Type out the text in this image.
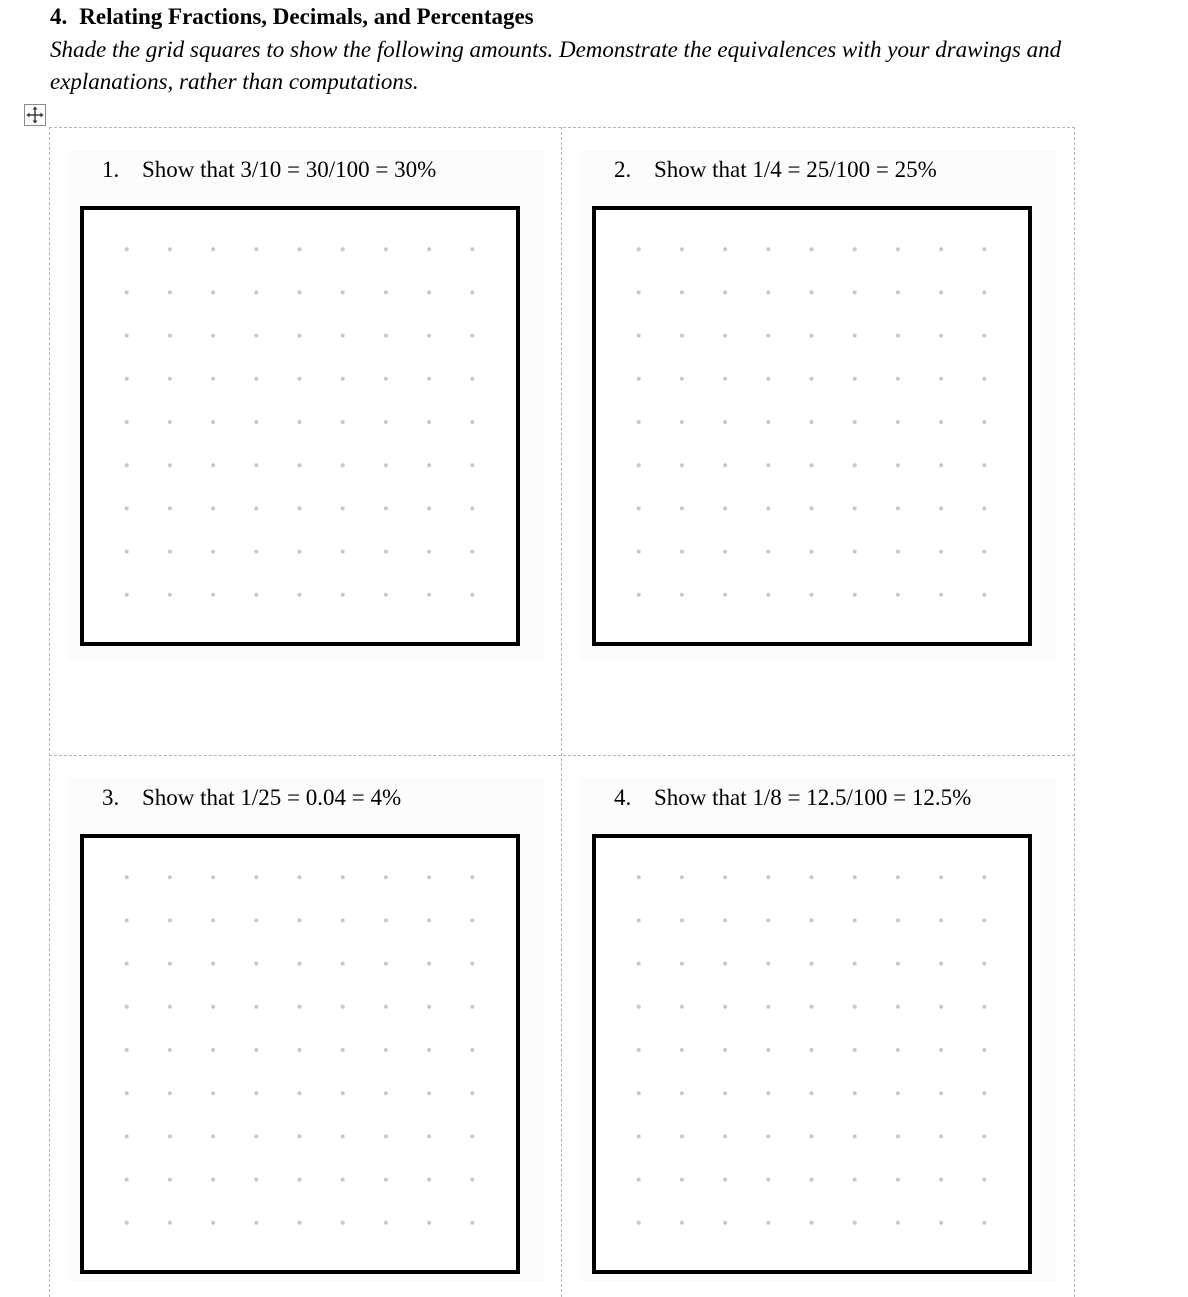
4. Relating Fractions, Decimals, and Percentages
Shade the grid squares to show the following amounts. Demonstrate the equivalences with your drawings and explanations, rather than computations.
1. Show that 3/10 = 30/100 = 30%	2. Show that 1/4 = 25/100 = 25%
3. Show that 1/25 = 0.04 = 4%	4. Show that 1/8 = 12.5/100 = 12.5%
